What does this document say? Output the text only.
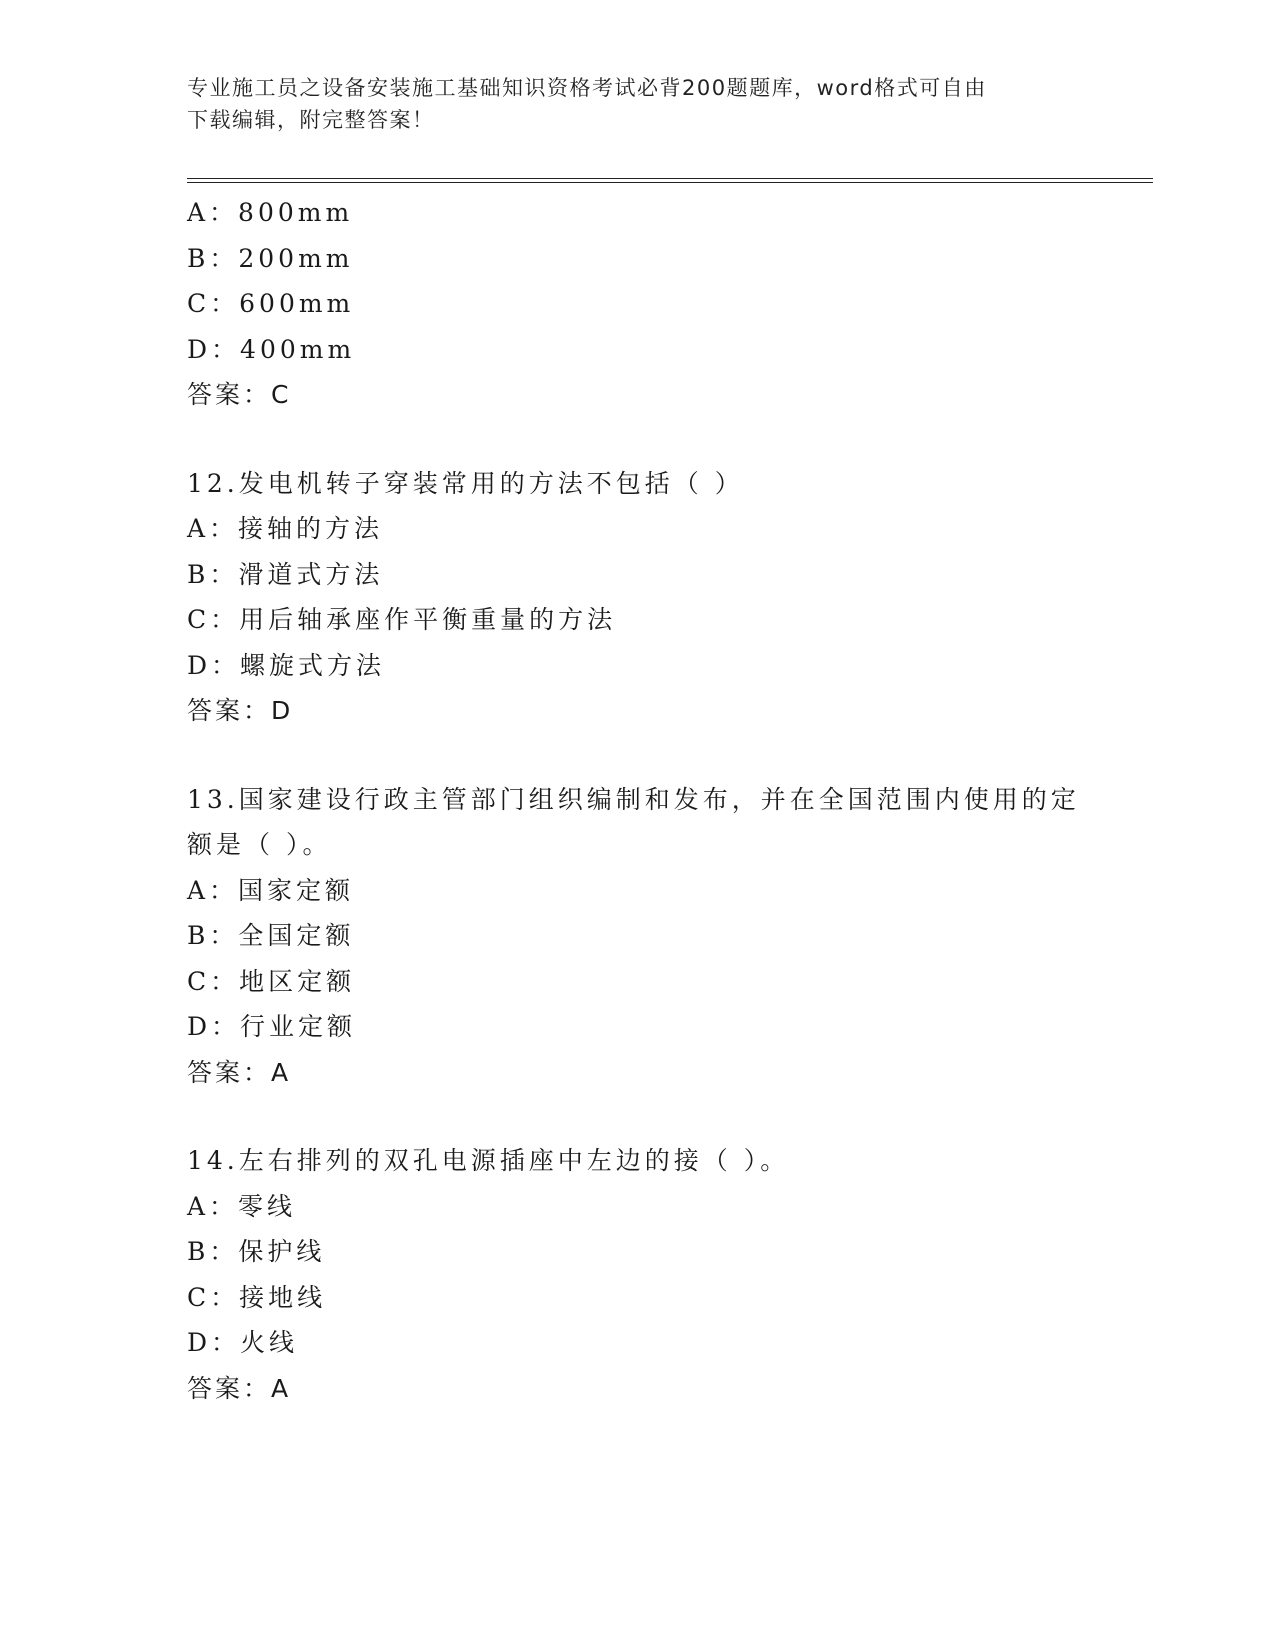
专业施工员之设备安装施工基础知识资格考试必背200题题库，word格式可自由
下载编辑，附完整答案！
A：800mm
B：200mm
C：600mm
D：400mm
答案：C
12.发电机转子穿装常用的方法不包括（ ）
A：接轴的方法
B：滑道式方法
C：用后轴承座作平衡重量的方法
D：螺旋式方法
答案：D
13.国家建设行政主管部门组织编制和发布，并在全国范围内使用的定
额是（ ）。
A：国家定额
B：全国定额
C：地区定额
D：行业定额
答案：A
14.左右排列的双孔电源插座中左边的接（ ）。
A：零线
B：保护线
C：接地线
D：火线
答案：A
